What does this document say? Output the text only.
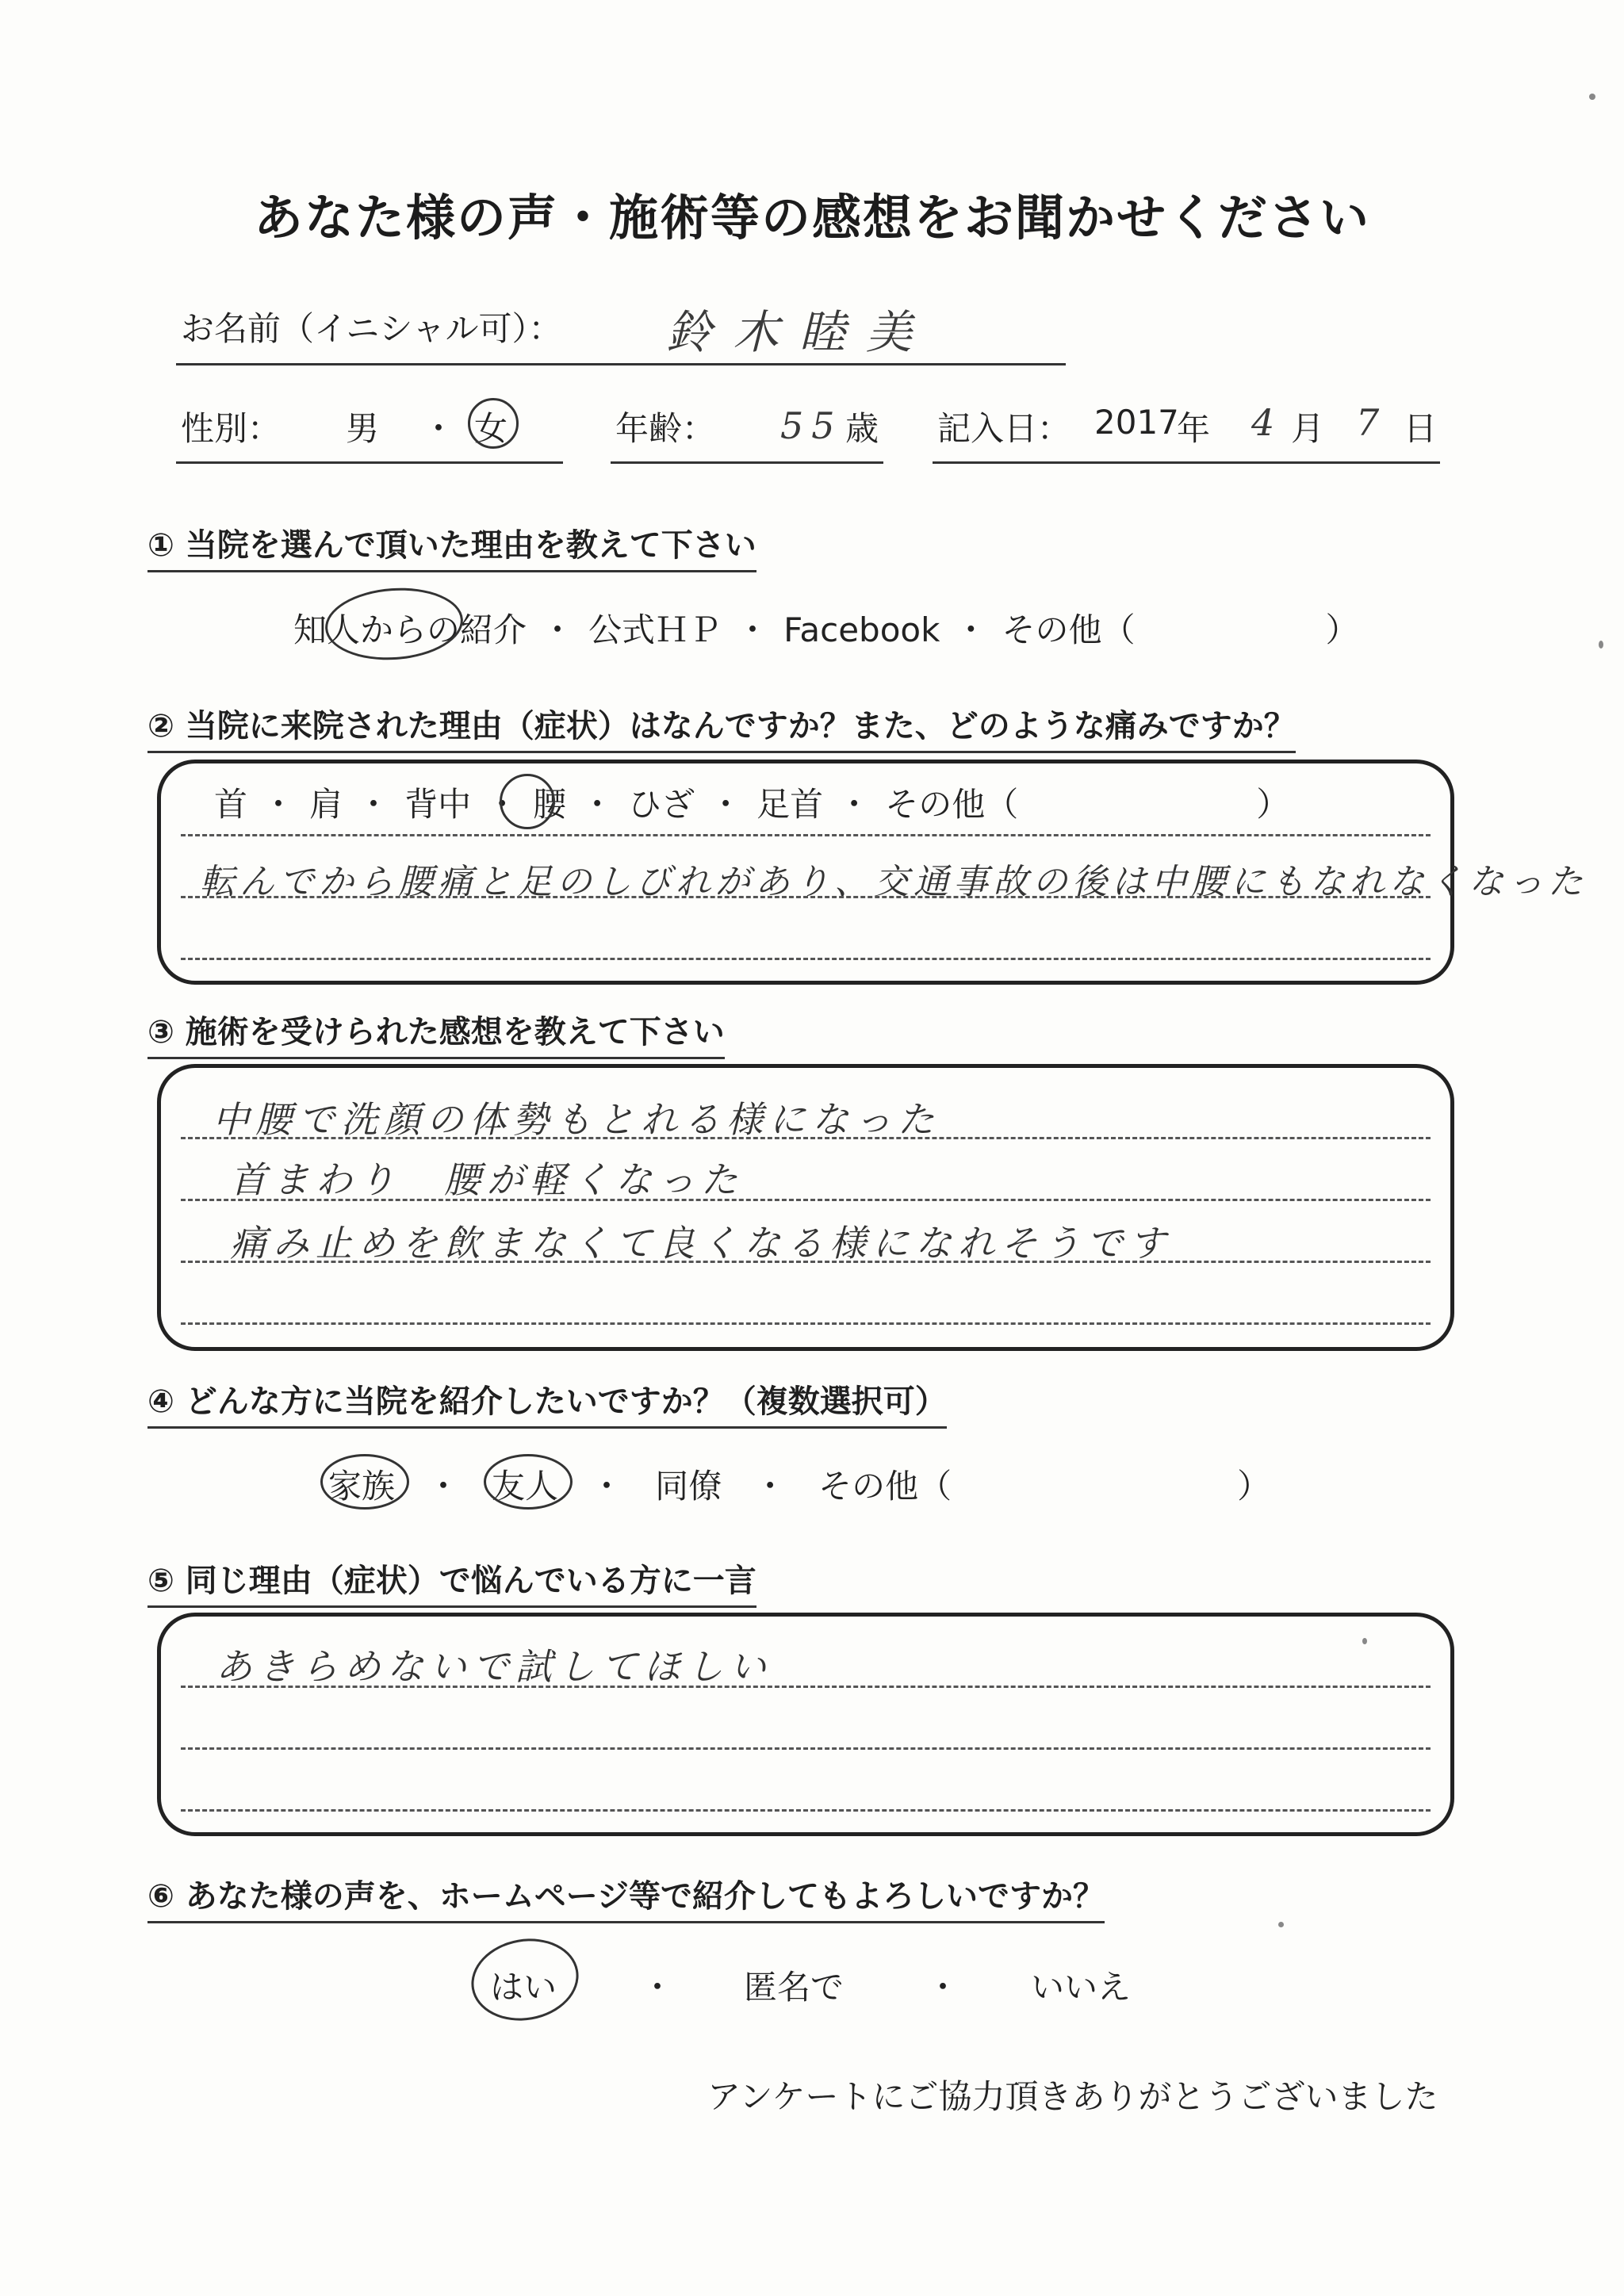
あなた様の声・施術等の感想をお聞かせください
お名前（イニシャル可）： 鈴木睦美
性別： 男 ・ 女	年齢： 55 歳 記入日： 2017
年 4 月 7 日
① 当院を選んで頂いた理由を教えて下さい
知人からの紹介 ・ 公式ＨＰ ・ Facebook ・ その他（	）
② 当院に来院された理由（症状）はなんですか？また、どのような痛みですか？
首 ・ 肩 ・ 背中 ・ 腰 ・ ひざ ・ 足首 ・ その他（	）
転んでから腰痛と足のしびれがあり、交通事故の後は中腰にもなれなくなった
③ 施術を受けられた感想を教えて下さい
中腰で洗顔の体勢もとれる様になった
首まわり　腰が軽くなった
痛み止めを飲まなくて良くなる様になれそうです
④ どんな方に当院を紹介したいですか？（複数選択可）
家族 ・ 友人 ・ 同僚 ・ その他（	）
⑤ 同じ理由（症状）で悩んでいる方に一言
あきらめないで試してほしい
⑥ あなた様の声を、ホームページ等で紹介してもよろしいですか？
はい	・ 匿名で ・ いいえ
アンケートにご協力頂きありがとうございました
